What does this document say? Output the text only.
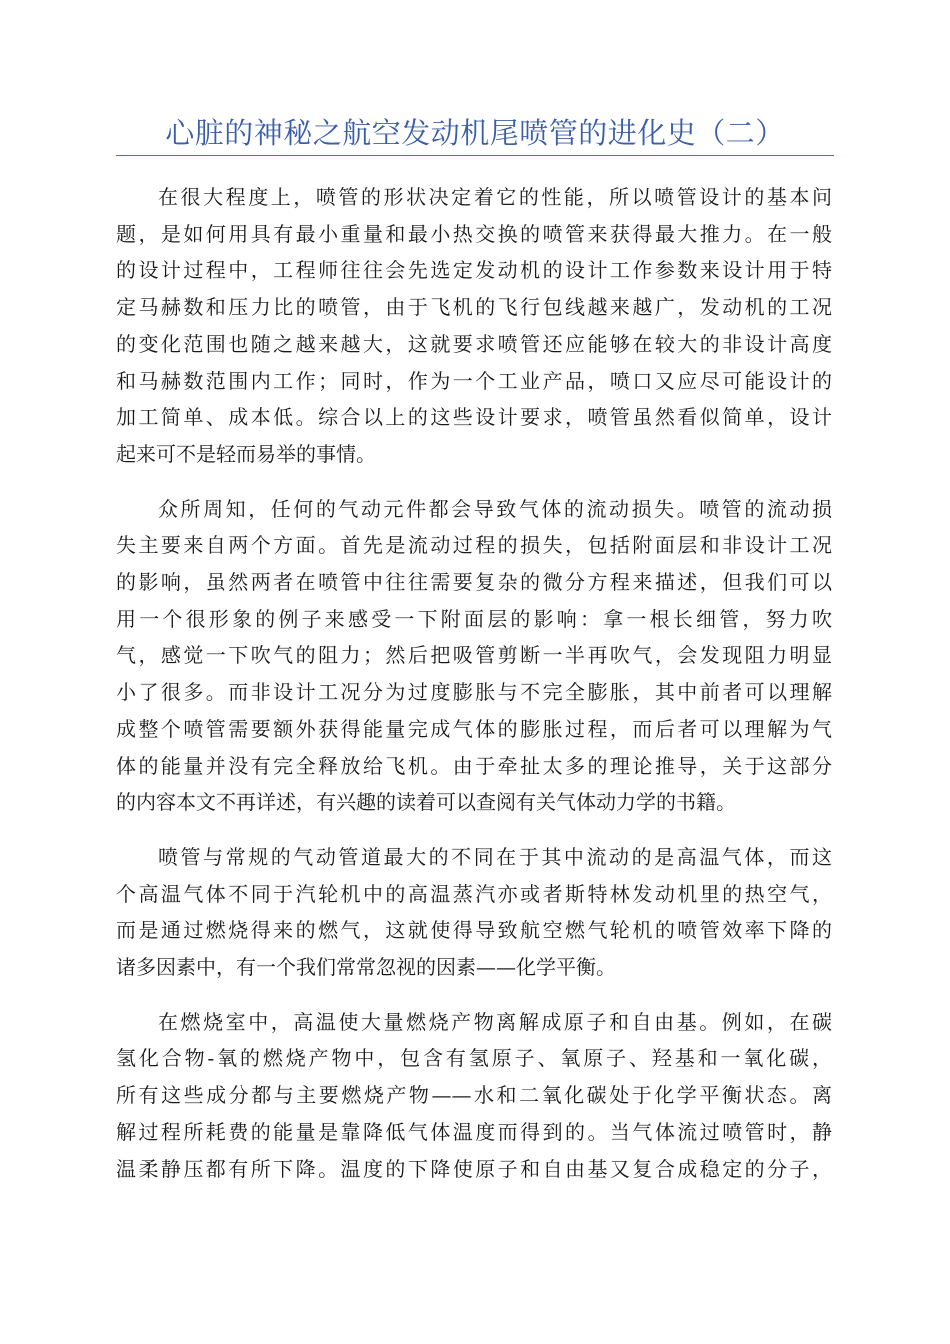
心脏的神秘之航空发动机尾喷管的进化史（二）
在很大程度上，喷管的形状决定着它的性能，所以喷管设计的基本问
题，是如何用具有最小重量和最小热交换的喷管来获得最大推力。在一般
的设计过程中，工程师往往会先选定发动机的设计工作参数来设计用于特
定马赫数和压力比的喷管，由于飞机的飞行包线越来越广，发动机的工况
的变化范围也随之越来越大，这就要求喷管还应能够在较大的非设计高度
和马赫数范围内工作；同时，作为一个工业产品，喷口又应尽可能设计的
加工简单、成本低。综合以上的这些设计要求，喷管虽然看似简单，设计
起来可不是轻而易举的事情。
众所周知，任何的气动元件都会导致气体的流动损失。喷管的流动损
失主要来自两个方面。首先是流动过程的损失，包括附面层和非设计工况
的影响，虽然两者在喷管中往往需要复杂的微分方程来描述，但我们可以
用一个很形象的例子来感受一下附面层的影响：拿一根长细管，努力吹
气，感觉一下吹气的阻力；然后把吸管剪断一半再吹气，会发现阻力明显
小了很多。而非设计工况分为过度膨胀与不完全膨胀，其中前者可以理解
成整个喷管需要额外获得能量完成气体的膨胀过程，而后者可以理解为气
体的能量并没有完全释放给飞机。由于牵扯太多的理论推导，关于这部分
的内容本文不再详述，有兴趣的读着可以查阅有关气体动力学的书籍。
喷管与常规的气动管道最大的不同在于其中流动的是高温气体，而这
个高温气体不同于汽轮机中的高温蒸汽亦或者斯特林发动机里的热空气，
而是通过燃烧得来的燃气，这就使得导致航空燃气轮机的喷管效率下降的
诸多因素中，有一个我们常常忽视的因素——化学平衡。
在燃烧室中，高温使大量燃烧产物离解成原子和自由基。例如，在碳
氢化合物-氧的燃烧产物中，包含有氢原子、氧原子、羟基和一氧化碳，
所有这些成分都与主要燃烧产物——水和二氧化碳处于化学平衡状态。离
解过程所耗费的能量是靠降低气体温度而得到的。当气体流过喷管时，静
温柔静压都有所下降。温度的下降使原子和自由基又复合成稳定的分子，
